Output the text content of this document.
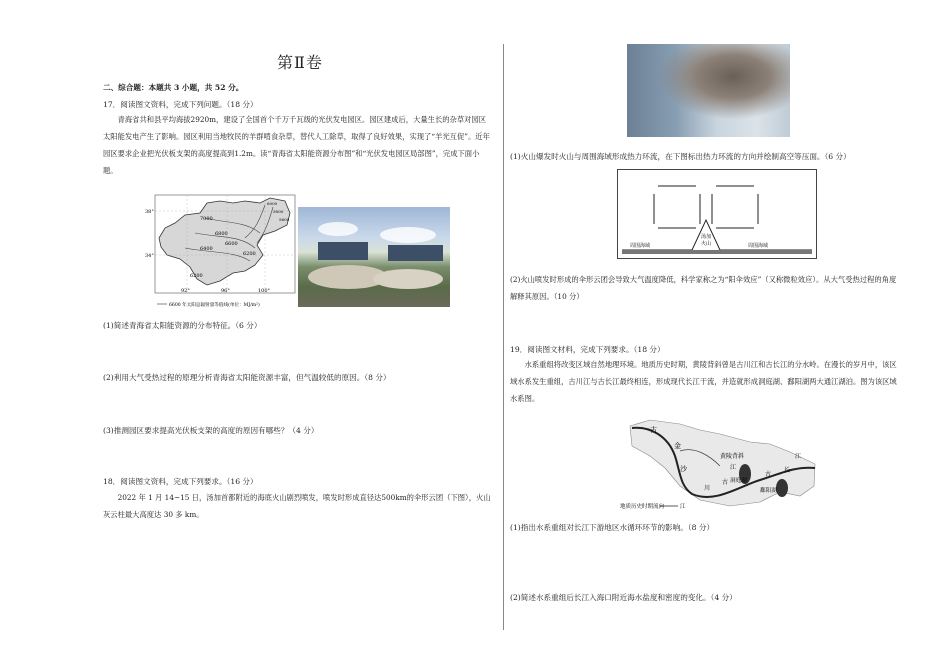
第Ⅱ卷
二、综合题：本题共 3 小题，共 52 分。
17．阅读图文资料，完成下列问题。（18 分）
青海省共和县平均海拔2920m，建设了全国首个千万千瓦级的光伏发电园区。园区建成后，大量生长的杂草对园区太阳能发电产生了影响。园区利用当地牧民的羊群啃食杂草，替代人工除草，取得了良好效果，实现了“羊光互促”。近年园区要求企业把光伏板支架的高度提高到1.2m。读“青海省太阳能资源分布图”和“光伏发电园区局部图”，完成下面小题。
38°
34°
92°	96°	100°
7000
6800
6600
6400
6200
6200
6000
5800
5600
6600 年太阳总辐射量等值线(单位：MJ/m²)
(1)简述青海省太阳能资源的分布特征。（6 分）
(2)利用大气受热过程的原理分析青海省太阳能资源丰富，但气温较低的原因。（8 分）
(3)推测园区要求提高光伏板支架的高度的原因有哪些？（4 分）
18．阅读图文资料，完成下列要求。（16 分）
2022 年 1 月 14~15 日，汤加首都附近的海底火山剧烈喷发，喷发时形成直径达500km的伞形云团（下图），火山灰云柱最大高度达 30 多 km。
(1)火山爆发时火山与周围海域形成热力环流，在下图标出热力环流的方向并绘制高空等压面。（6 分）
周围海域
汤加
火山	周围海域
(2)火山喷发时形成的伞形云团会导致大气温度降低，科学家称之为“阳伞效应”（又称微粒效应）。从大气受热过程的角度解释其原因。（10 分）
19．阅读图文材料，完成下列要求。（18 分）
水系重组将改变区域自然地理环境。地质历史时期，黄陵背斜曾是古川江和古长江的分水岭。在漫长的岁月中，该区域水系发生重组，古川江与古长江最终相连，形成现代长江干流，并造就形成洞庭湖、鄱阳湖两大通江湖泊。图为该区域水系图。
古
金
沙
黄陵背斜
江
古
川
古
长
江
洞庭湖
鄱阳湖
地质历史时期流向	江
(1)指出水系重组对长江下游地区水循环环节的影响。（8 分）
(2)简述水系重组后长江入海口附近海水盐度和密度的变化。（4 分）
